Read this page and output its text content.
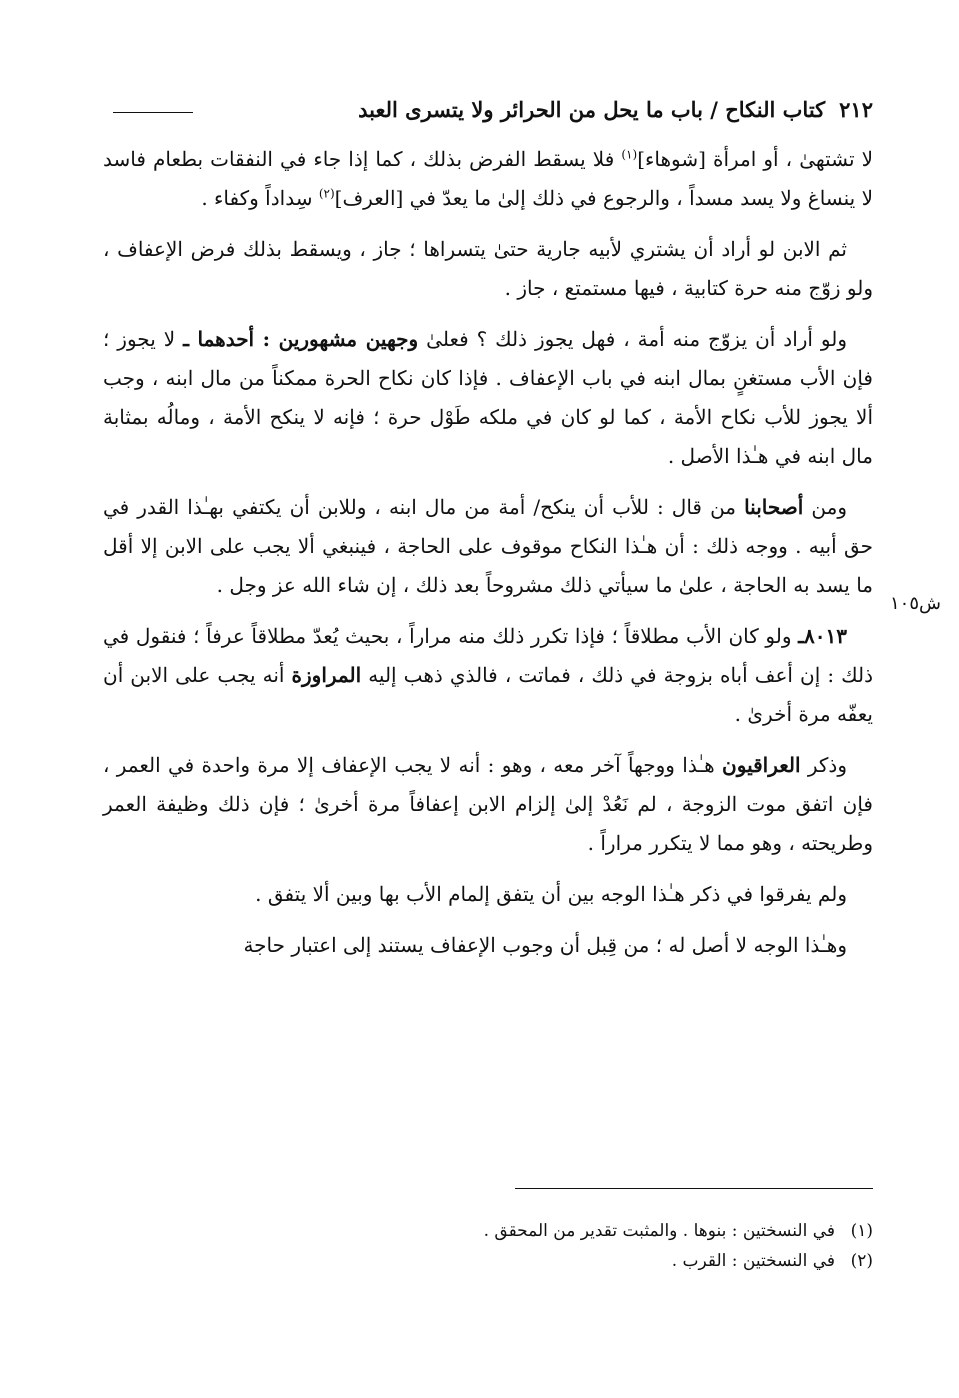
٢١٢
كتاب النكاح / باب ما يحل من الحرائر ولا يتسرى العبد
ش١٠٥

لا تشتهىٰ ، أو امرأة [شوهاء]$^{(١)}$ فلا يسقط الفرض بذلك ، كما إذا جاء في النفقات بطعام فاسد لا ينساغ ولا يسد مسداً ، والرجوع في ذلك إلىٰ ما يعدّ في [العرف]$^{(٢)}$ سِداداً وكفاء .

ثم الابن لو أراد أن يشتري لأبيه جارية حتىٰ يتسراها ؛ جاز ، ويسقط بذلك فرض الإعفاف ، ولو زوّج منه حرة كتابية ، فيها مستمتع ، جاز .

ولو أراد أن يزوّج منه أمة ، فهل يجوز ذلك ؟ فعلىٰ وجهين مشهورين : أحدهما ـ لا يجوز ؛ فإن الأب مستغنٍ بمال ابنه في باب الإعفاف . فإذا كان نكاح الحرة ممكناً من مال ابنه ، وجب ألا يجوز للأب نكاح الأمة ، كما لو كان في ملكه طَوْل حرة ؛ فإنه لا ينكح الأمة ، ومالُه بمثابة مال ابنه في هـٰذا الأصل .

ومن أصحابنا من قال : للأب أن ينكح/ أمة من مال ابنه ، وللابن أن يكتفي بهـٰذا القدر في حق أبيه . ووجه ذلك : أن هـٰذا النكاح موقوف على الحاجة ، فينبغي ألا يجب على الابن إلا أقل ما يسد به الحاجة ، علىٰ ما سيأتي ذلك مشروحاً بعد ذلك ، إن شاء الله عز وجل .

٨٠١٣ـ ولو كان الأب مطلاقاً ؛ فإذا تكرر ذلك منه مراراً ، بحيث يُعدّ مطلاقاً عرفاً ؛ فنقول في ذلك : إن أعف أباه بزوجة في ذلك ، فماتت ، فالذي ذهب إليه المراوزة أنه يجب على الابن أن يعفّه مرة أخرىٰ .

وذكر العراقيون هـٰذا ووجهاً آخر معه ، وهو : أنه لا يجب الإعفاف إلا مرة واحدة في العمر ، فإن اتفق موت الزوجة ، لم نَعُدْ إلىٰ إلزام الابن إعفافاً مرة أخرىٰ ؛ فإن ذلك وظيفة العمر وطريحته ، وهو مما لا يتكرر مراراً .

ولم يفرقوا في ذكر هـٰذا الوجه بين أن يتفق إلمام الأب بها وبين ألا يتفق .

وهـٰذا الوجه لا أصل له ؛ من قِبل أن وجوب الإعفاف يستند إلى اعتبار حاجة

(١)في النسختين : بنوها . والمثبت تقدير من المحقق .
(٢)في النسختين : القرب .
